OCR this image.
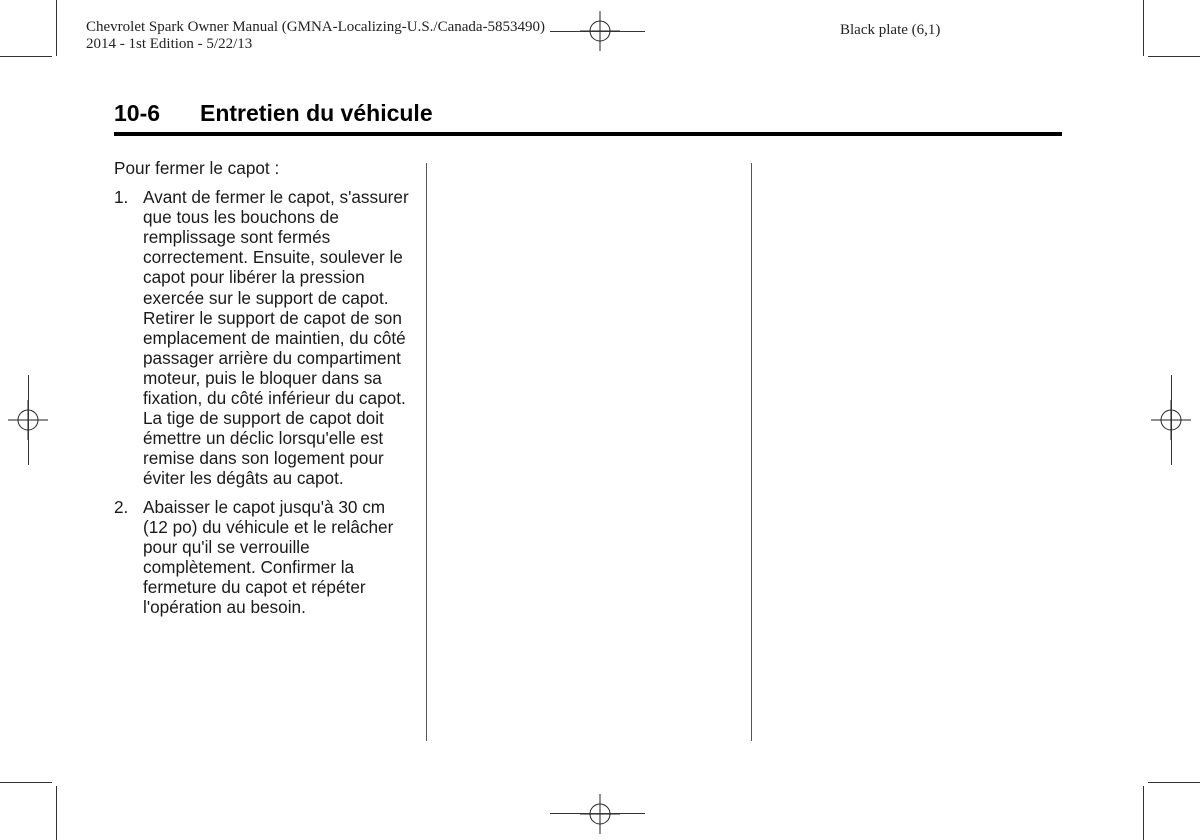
Chevrolet Spark Owner Manual (GMNA-Localizing-U.S./Canada-5853490)
2014 - 1st Edition - 5/22/13
Black plate (6,1)
10-6 Entretien du véhicule

Pour fermer le capot :

1. Avant de fermer le capot, s'assurer que tous les bouchons de remplissage sont fermés correctement. Ensuite, soulever le capot pour libérer la pression exercée sur le support de capot. Retirer le support de capot de son emplacement de maintien, du côté passager arrière du compartiment moteur, puis le bloquer dans sa fixation, du côté inférieur du capot. La tige de support de capot doit émettre un déclic lorsqu'elle est remise dans son logement pour éviter les dégâts au capot.
2. Abaisser le capot jusqu'à 30 cm (12 po) du véhicule et le relâcher pour qu'il se verrouille complètement. Confirmer la fermeture du capot et répéter l'opération au besoin.
